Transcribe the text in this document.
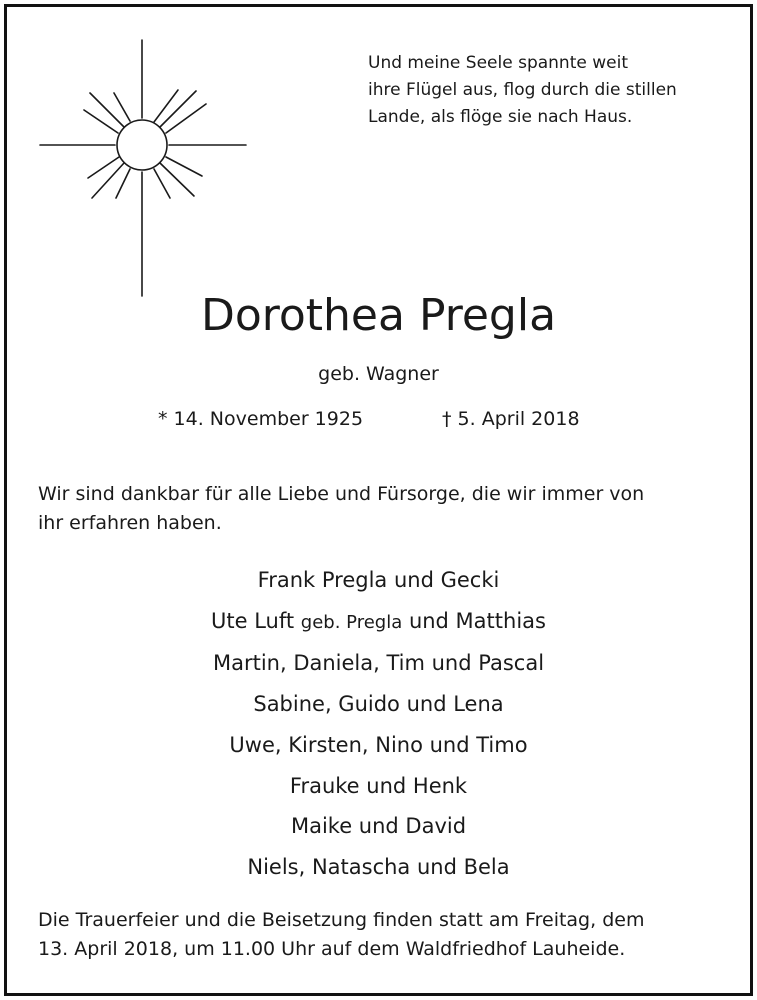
Und meine Seele spannte weit
ihre Flügel aus, flog durch die stillen
Lande, als flöge sie nach Haus.
Dorothea Pregla
geb. Wagner
* 14. November 1925	† 5. April 2018
Wir sind dankbar für alle Liebe und Fürsorge, die wir immer von
ihr erfahren haben.
Frank Pregla und Gecki
Ute Luft geb. Pregla und Matthias
Martin, Daniela, Tim und Pascal
Sabine, Guido und Lena
Uwe, Kirsten, Nino und Timo
Frauke und Henk
Maike und David
Niels, Natascha und Bela
Die Trauerfeier und die Beisetzung finden statt am Freitag, dem
13. April 2018, um 11.00 Uhr auf dem Waldfriedhof Lauheide.
